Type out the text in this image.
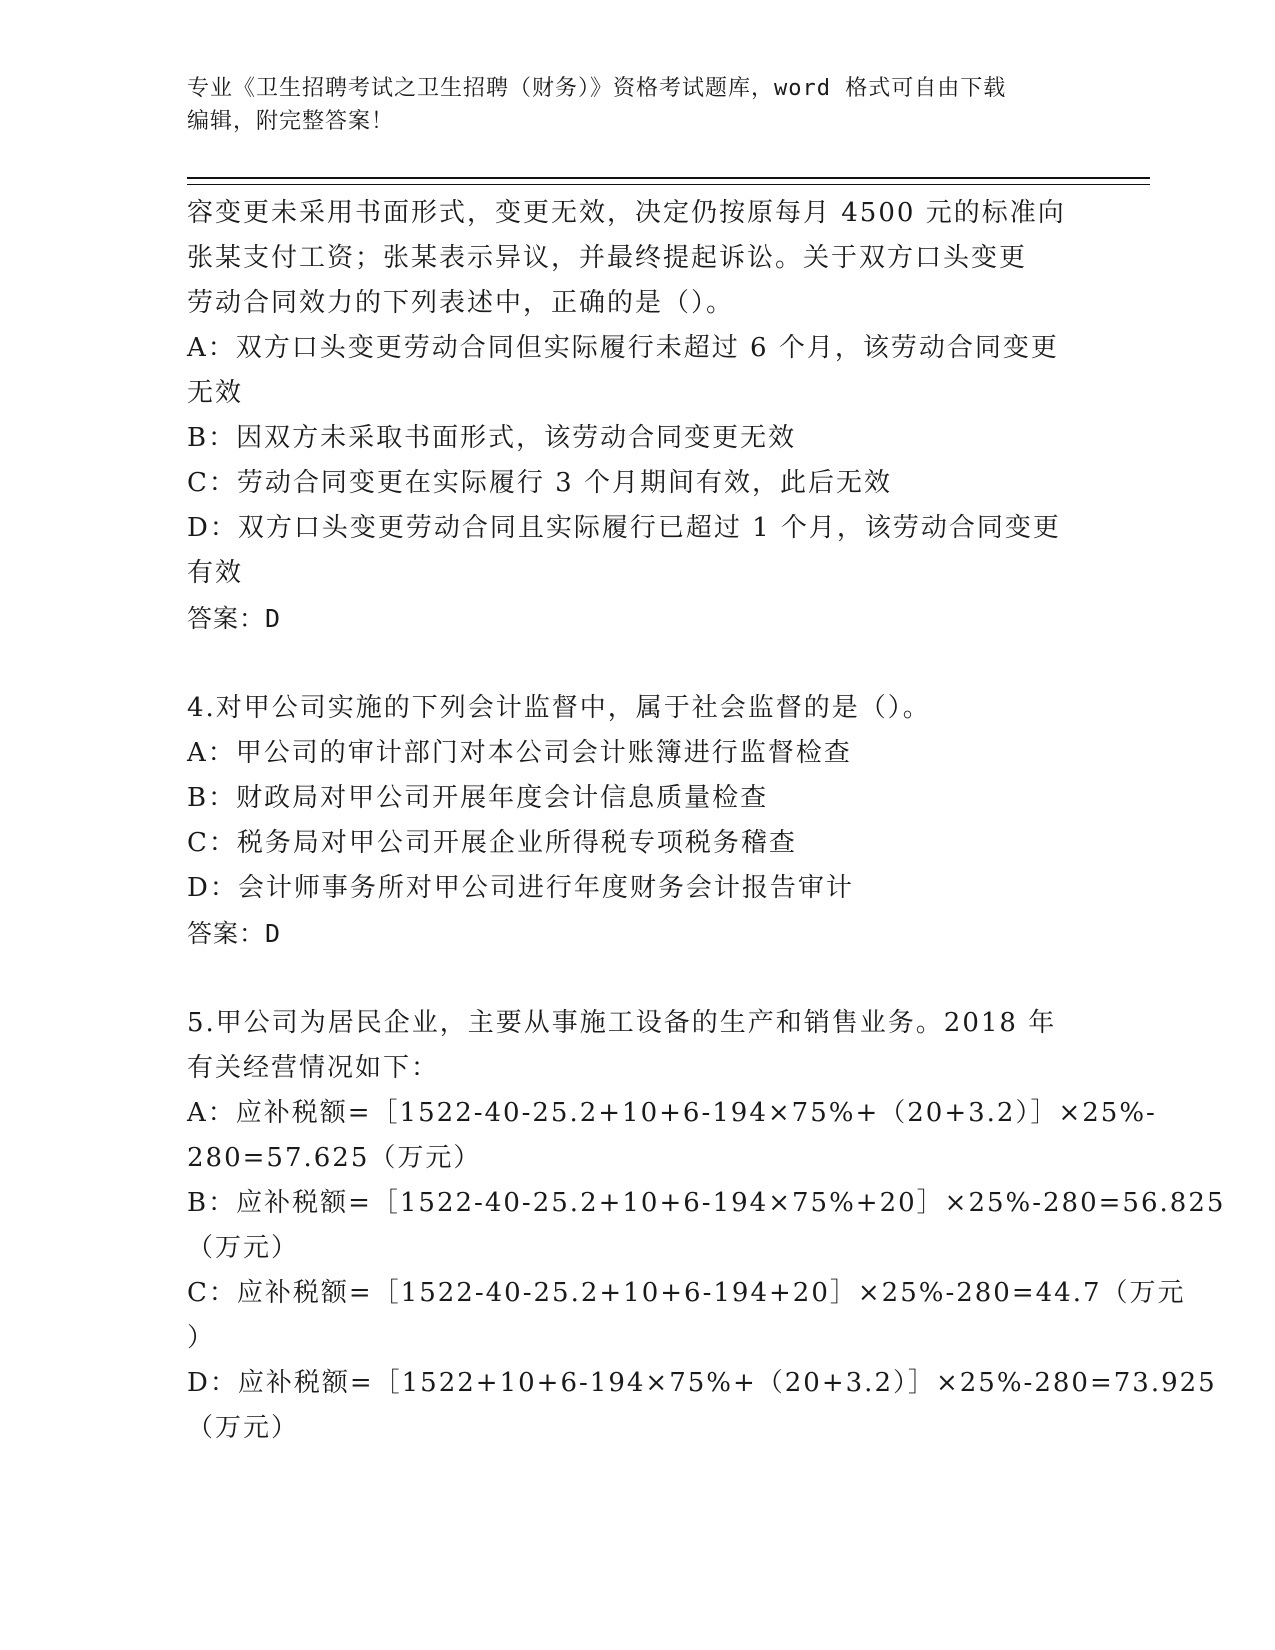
专业《卫生招聘考试之卫生招聘（财务）》资格考试题库，word 格式可自由下载
编辑，附完整答案！

容变更未采用书面形式，变更无效，决定仍按原每月 4500 元的标准向

张某支付工资；张某表示异议，并最终提起诉讼。关于双方口头变更

劳动合同效力的下列表述中，正确的是（）。

A：双方口头变更劳动合同但实际履行未超过 6 个月，该劳动合同变更

无效

B：因双方未采取书面形式，该劳动合同变更无效

C：劳动合同变更在实际履行 3 个月期间有效，此后无效

D：双方口头变更劳动合同且实际履行已超过 1 个月，该劳动合同变更

有效

答案：D

4.对甲公司实施的下列会计监督中，属于社会监督的是（）。

A：甲公司的审计部门对本公司会计账簿进行监督检查

B：财政局对甲公司开展年度会计信息质量检查

C：税务局对甲公司开展企业所得税专项税务稽查

D：会计师事务所对甲公司进行年度财务会计报告审计

答案：D

5.甲公司为居民企业，主要从事施工设备的生产和销售业务。2018 年

有关经营情况如下：

A：应补税额=［1522-40-25.2+10+6-194×75%+（20+3.2）］×25%-

280=57.625（万元）

B：应补税额=［1522-40-25.2+10+6-194×75%+20］×25%-280=56.825

（万元）

C：应补税额=［1522-40-25.2+10+6-194+20］×25%-280=44.7（万元

）

D：应补税额=［1522+10+6-194×75%+（20+3.2）］×25%-280=73.925

（万元）
